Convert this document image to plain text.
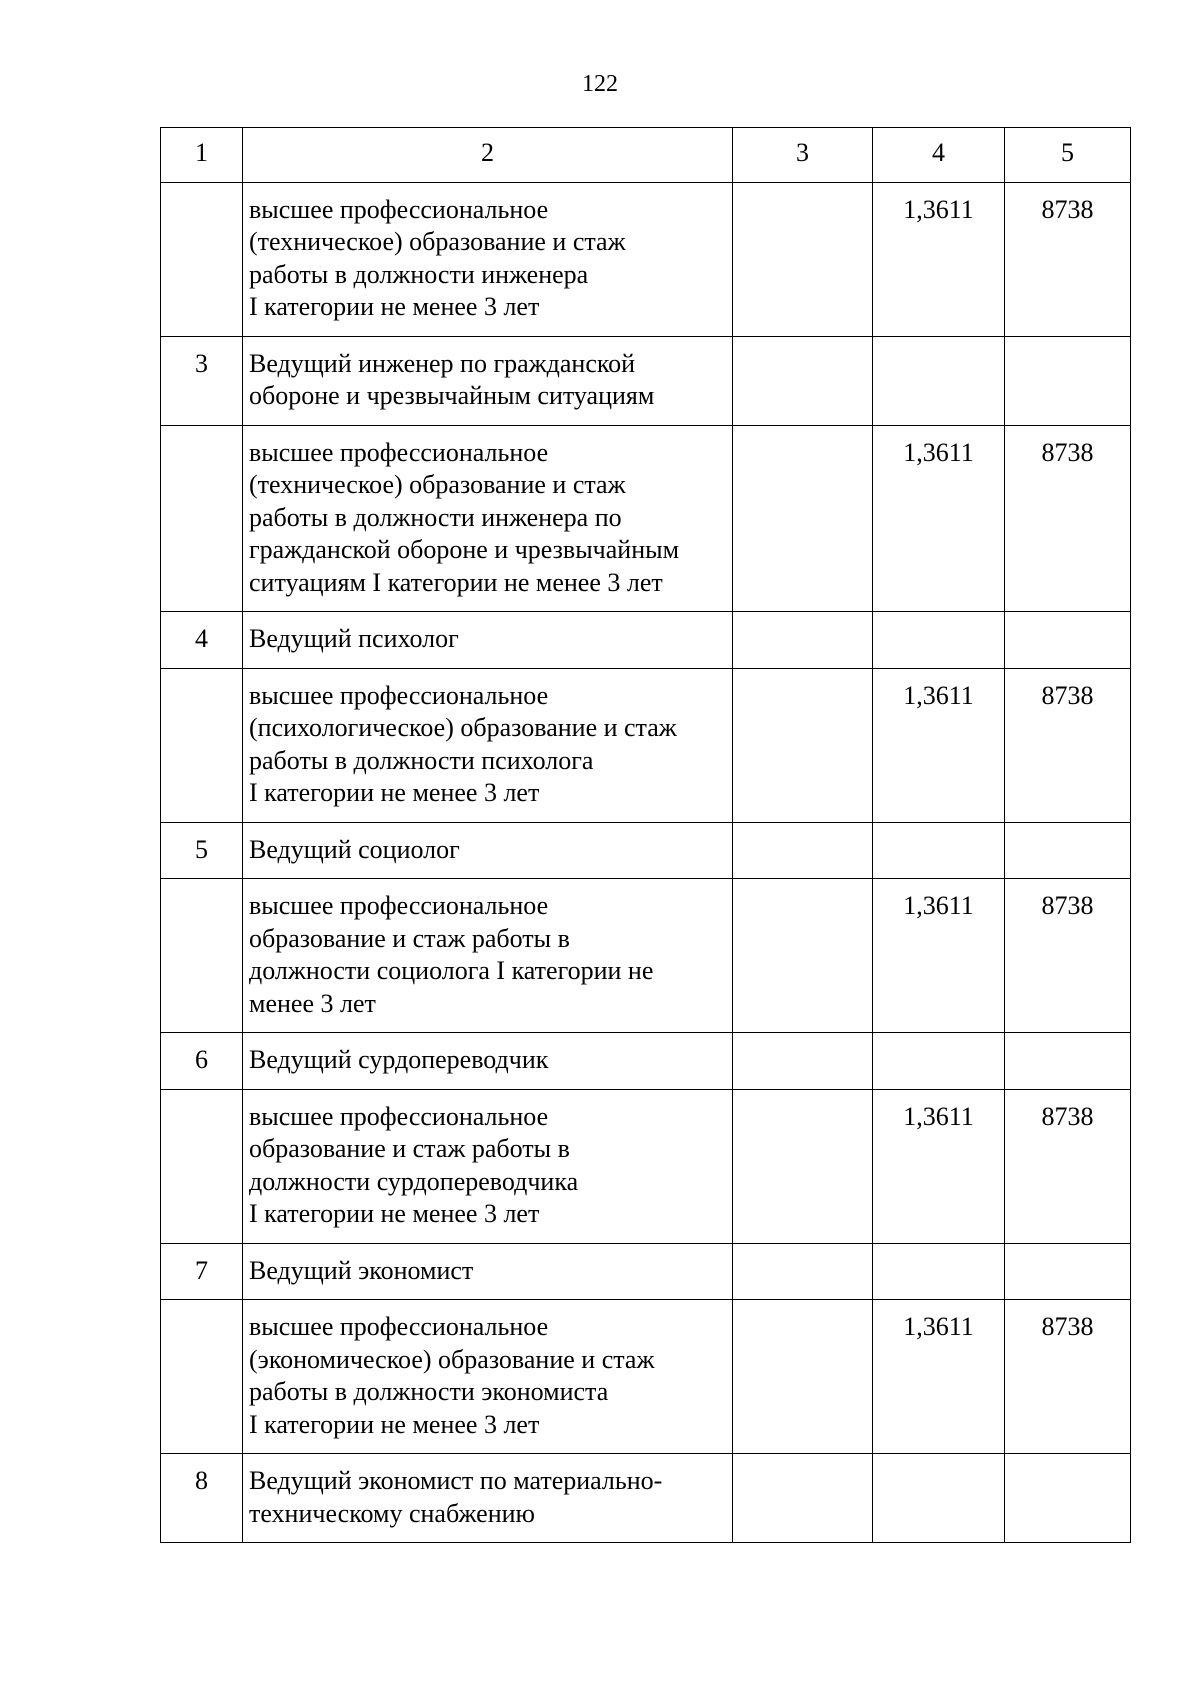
122
1	2	3	4	5
	высшее профессиональное
(техническое) образование и стаж
работы в должности инженера
I категории не менее 3 лет		1,3611	8738
3	Ведущий инженер по гражданской
обороне и чрезвычайным ситуациям			
	высшее профессиональное
(техническое) образование и стаж
работы в должности инженера по
гражданской обороне и чрезвычайным
ситуациям I категории не менее 3 лет		1,3611	8738
4	Ведущий психолог			
	высшее профессиональное
(психологическое) образование и стаж
работы в должности психолога
I категории не менее 3 лет		1,3611	8738
5	Ведущий социолог			
	высшее профессиональное
образование и стаж работы в
должности социолога I категории не
менее 3 лет		1,3611	8738
6	Ведущий сурдопереводчик			
	высшее профессиональное
образование и стаж работы в
должности сурдопереводчика
I категории не менее 3 лет		1,3611	8738
7	Ведущий экономист			
	высшее профессиональное
(экономическое) образование и стаж
работы в должности экономиста
I категории не менее 3 лет		1,3611	8738
8	Ведущий экономист по материально-
техническому снабжению			
